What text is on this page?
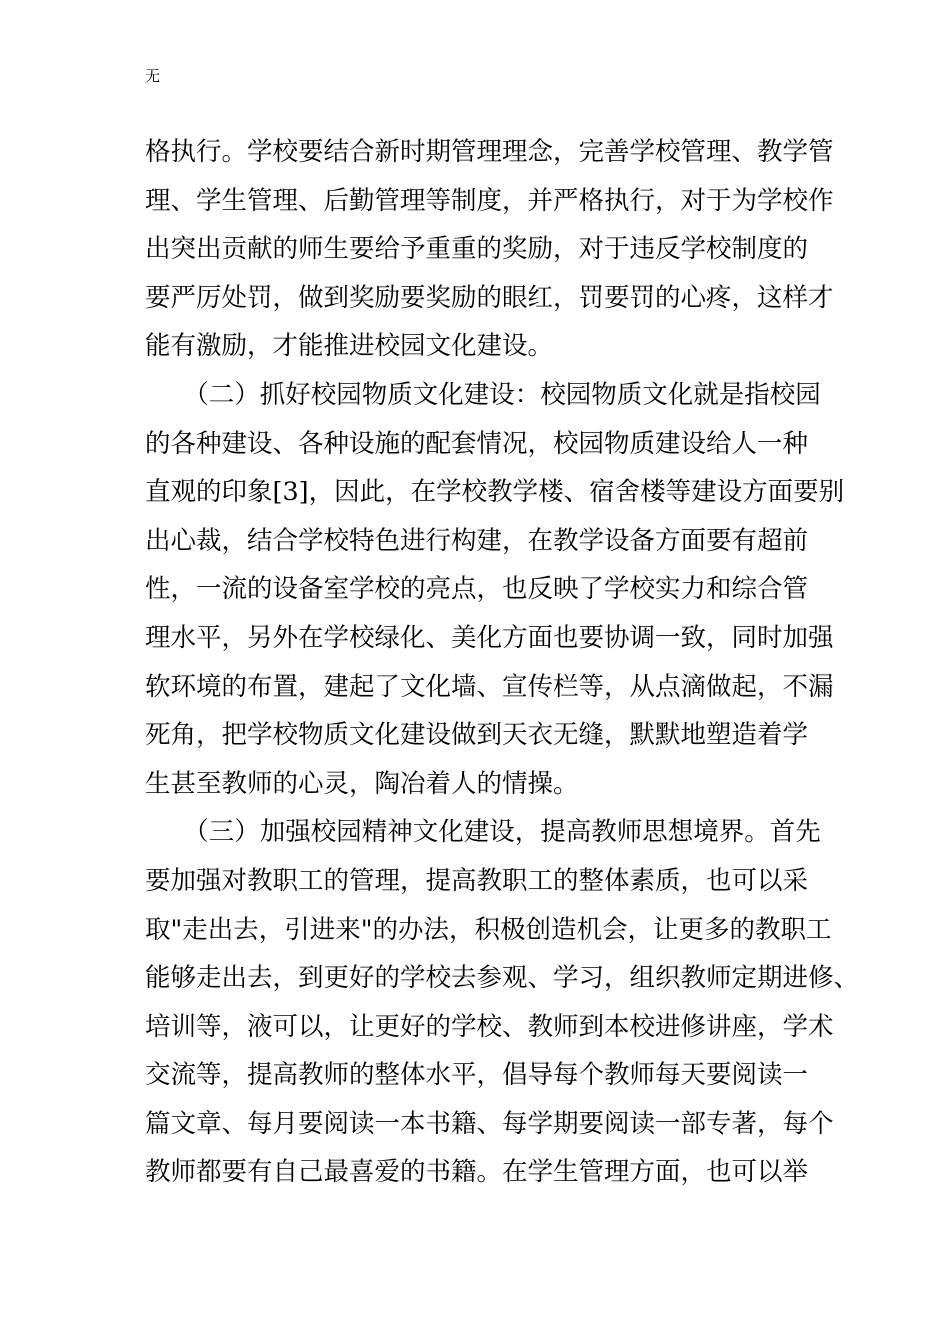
无
格执行。学校要结合新时期管理理念，完善学校管理、教学管
理、学生管理、后勤管理等制度，并严格执行，对于为学校作
出突出贡献的师生要给予重重的奖励，对于违反学校制度的
要严厉处罚，做到奖励要奖励的眼红，罚要罚的心疼，这样才
能有激励，才能推进校园文化建设。
　　（二）抓好校园物质文化建设：校园物质文化就是指校园
的各种建设、各种设施的配套情况，校园物质建设给人一种
直观的印象[3]，因此，在学校教学楼、宿舍楼等建设方面要别
出心裁，结合学校特色进行构建，在教学设备方面要有超前
性，一流的设备室学校的亮点，也反映了学校实力和综合管
理水平，另外在学校绿化、美化方面也要协调一致，同时加强
软环境的布置，建起了文化墙、宣传栏等，从点滴做起，不漏
死角，把学校物质文化建设做到天衣无缝，默默地塑造着学
生甚至教师的心灵，陶冶着人的情操。
　　（三）加强校园精神文化建设，提高教师思想境界。首先
要加强对教职工的管理，提高教职工的整体素质，也可以采
取"走出去，引进来"的办法，积极创造机会，让更多的教职工
能够走出去，到更好的学校去参观、学习，组织教师定期进修、
培训等，液可以，让更好的学校、教师到本校进修讲座，学术
交流等，提高教师的整体水平，倡导每个教师每天要阅读一
篇文章、每月要阅读一本书籍、每学期要阅读一部专著，每个
教师都要有自己最喜爱的书籍。在学生管理方面，也可以举
